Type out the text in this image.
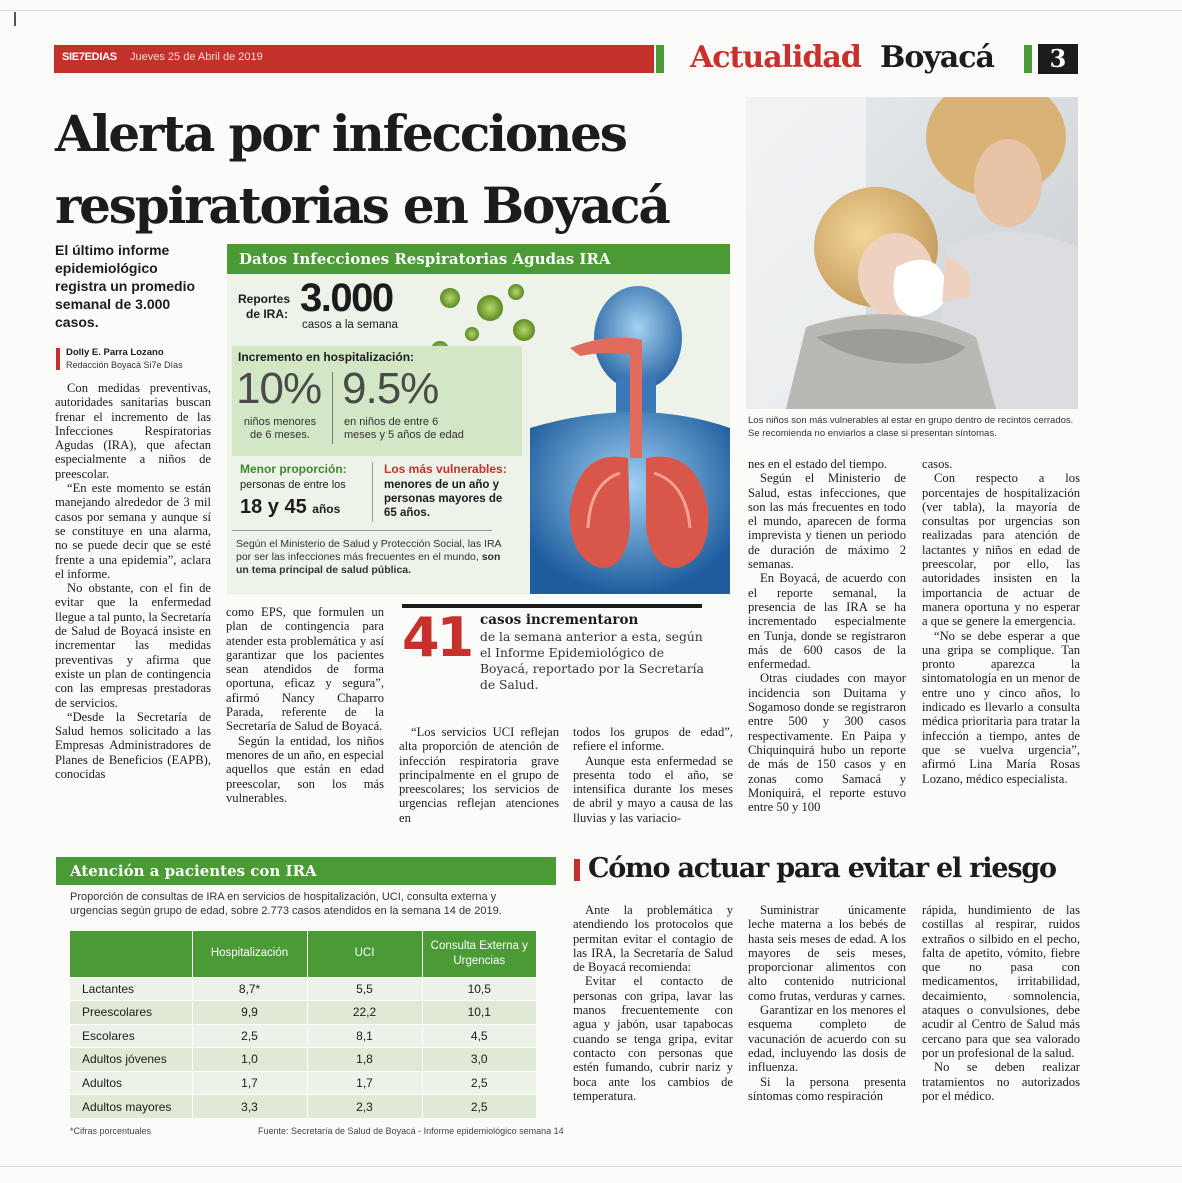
SIE7EDIAS Jueves 25 de Abril de 2019	Actualidad Boyacá	3
Alerta por infecciones respiratorias en Boyacá
El último informe epidemiológico registra un promedio semanal de 3.000 casos.
Dolly E. Parra Lozano
Redacción Boyacá Si7e Días
Datos Infecciones Respiratorias Agudas IRA
Reportes de IRA: 3.000
casos a la semana
Incremento en hospitalización:
10%
niños menores de 6 meses.
9.5%
en niños de entre 6 meses y 5 años de edad
Menor proporción:
personas de entre los
18 y 45 años
Los más vulnerables:
menores de un año y personas mayores de 65 años.
Según el Ministerio de Salud y Protección Social, las IRA por ser las infecciones más frecuentes en el mundo, son un tema principal de salud pública.
Los niños son más vulnerables al estar en grupo dentro de recintos cerrados. Se recomienda no enviarlos a clase si presentan síntomas.
41 casos incrementaron
de la semana anterior a esta, según el Informe Epidemiológico de Boyacá, reportado por la Secretaría de Salud.

Con medidas preventivas, autoridades sanitarias buscan frenar el incremento de las Infecciones Respiratorias Agudas (IRA), que afectan especialmente a niños de preescolar.

“En este momento se están manejando alrededor de 3 mil casos por semana y aunque sí se constituye en una alarma, no se puede decir que se esté frente a una epidemia”, aclara el informe.

No obstante, con el fin de evitar que la enfermedad llegue a tal punto, la Secretaría de Salud de Boyacá insiste en incrementar las medidas preventivas y afirma que existe un plan de contingencia con las empresas prestadoras de servicios.

“Desde la Secretaría de Salud hemos solicitado a las Empresas Administradores de Planes de Beneficios (EAPB), conocidas

como EPS, que formulen un plan de contingencia para atender esta problemática y así garantizar que los pacientes sean atendidos de forma oportuna, eficaz y segura”, afirmó Nancy Chaparro Parada, referente de la Secretaría de Salud de Boyacá.

Según la entidad, los niños menores de un año, en especial aquellos que están en edad preescolar, son los más vulnerables.

“Los servicios UCI reflejan alta proporción de atención de infección respiratoria grave principalmente en el grupo de preescolares; los servicios de urgencias reflejan atenciones en

todos los grupos de edad”, refiere el informe.

Aunque esta enfermedad se presenta todo el año, se intensifica durante los meses de abril y mayo a causa de las lluvias y las variacio-

nes en el estado del tiempo.

Según el Ministerio de Salud, estas infecciones, que son las más frecuentes en todo el mundo, aparecen de forma imprevista y tienen un periodo de duración de máximo 2 semanas.

En Boyacá, de acuerdo con el reporte semanal, la presencia de las IRA se ha incrementado especialmente en Tunja, donde se registraron más de 600 casos de la enfermedad.

Otras ciudades con mayor incidencia son Duitama y Sogamoso donde se registraron entre 500 y 300 casos respectivamente. En Paipa y Chiquinquirá hubo un reporte de más de 150 casos y en zonas como Samacá y Moniquirá, el reporte estuvo entre 50 y 100

casos.

Con respecto a los porcentajes de hospitalización (ver tabla), la mayoría de consultas por urgencias son realizadas para atención de lactantes y niños en edad de preescolar, por ello, las autoridades insisten en la importancia de actuar de manera oportuna y no esperar a que se genere la emergencia.

“No se debe esperar a que una gripa se complique. Tan pronto aparezca la sintomatología en un menor de entre uno y cinco años, lo indicado es llevarlo a consulta médica prioritaria para tratar la infección a tiempo, antes de que se vuelva urgencia”, afirmó Lina María Rosas Lozano, médico especialista.

Atención a pacientes con IRA
Proporción de consultas de IRA en servicios de hospitalización, UCI, consulta externa y urgencias según grupo de edad, sobre 2.773 casos atendidos en la semana 14 de 2019.
	Hospitalización	UCI	Consulta Externa y Urgencias
Lactantes	8,7*	5,5	10,5
Preescolares	9,9	22,2	10,1
Escolares	2,5	8,1	4,5
Adultos jóvenes	1,0	1,8	3,0
Adultos	1,7	1,7	2,5
Adultos mayores	3,3	2,3	2,5
*Cifras porcentuales	Fuente: Secretaría de Salud de Boyacá - Informe epidemiológico semana 14
Cómo actuar para evitar el riesgo

Ante la problemática y atendiendo los protocolos que permitan evitar el contagio de las IRA, la Secretaría de Salud de Boyacá recomienda:

Evitar el contacto de personas con gripa, lavar las manos frecuentemente con agua y jabón, usar tapabocas cuando se tenga gripa, evitar contacto con personas que estén fumando, cubrir nariz y boca ante los cambios de temperatura.

Suministrar únicamente leche materna a los bebés de hasta seis meses de edad. A los mayores de seis meses, proporcionar alimentos con alto contenido nutricional como frutas, verduras y carnes.

Garantizar en los menores el esquema completo de vacunación de acuerdo con su edad, incluyendo las dosis de influenza.

Si la persona presenta síntomas como respiración

rápida, hundimiento de las costillas al respirar, ruidos extraños o silbido en el pecho, falta de apetito, vómito, fiebre que no pasa con medicamentos, irritabilidad, decaimiento, somnolencia, ataques o convulsiones, debe acudir al Centro de Salud más cercano para que sea valorado por un profesional de la salud.

No se deben realizar tratamientos no autorizados por el médico.
